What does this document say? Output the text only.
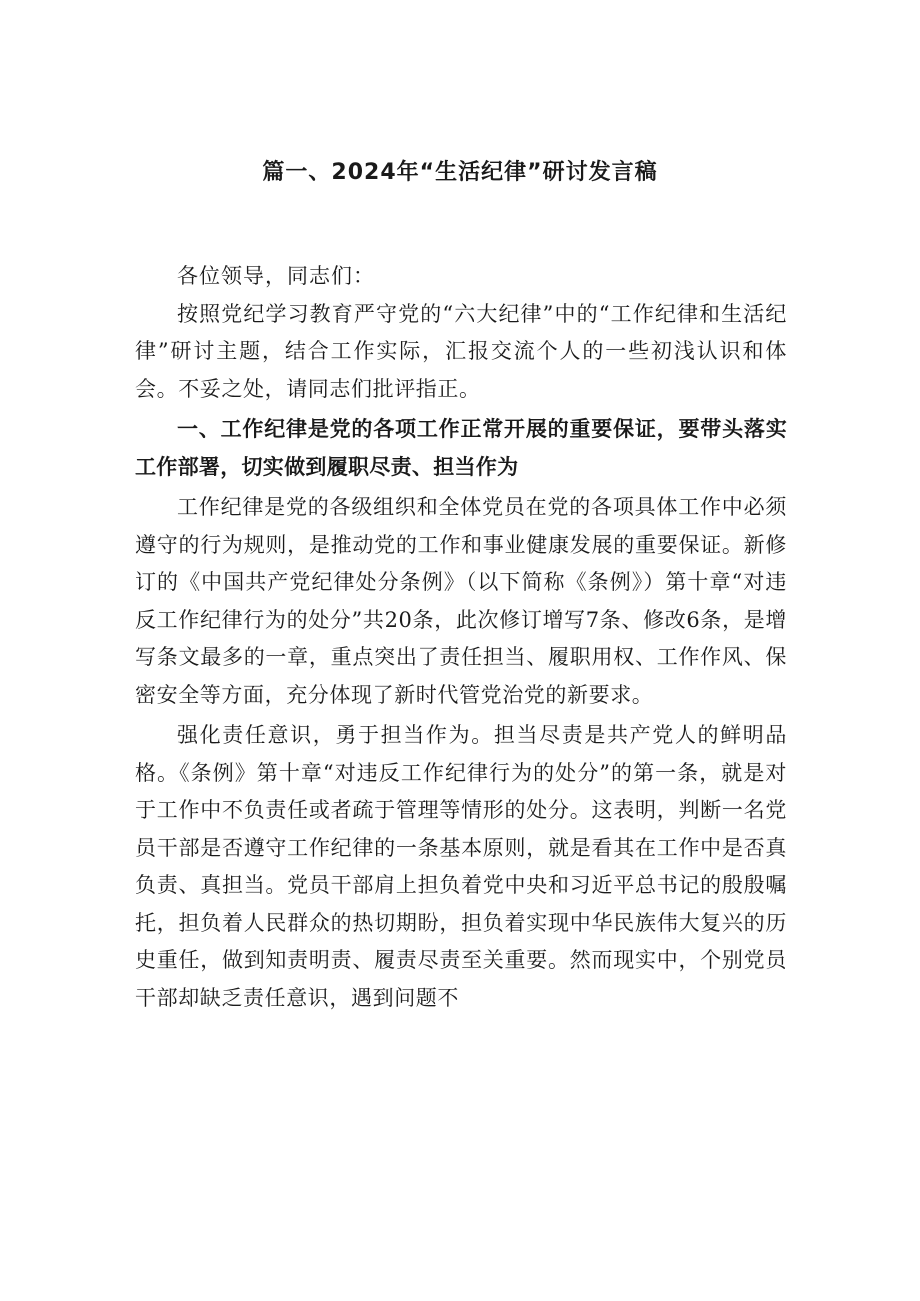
篇一、2024年“生活纪律”研讨发言稿

各位领导，同志们：

按照党纪学习教育严守党的“六大纪律”中的“工作纪律和生活纪律”研讨主题，结合工作实际，汇报交流个人的一些初浅认识和体会。不妥之处，请同志们批评指正。

一、工作纪律是党的各项工作正常开展的重要保证，要带头落实工作部署，切实做到履职尽责、担当作为

工作纪律是党的各级组织和全体党员在党的各项具体工作中必须遵守的行为规则，是推动党的工作和事业健康发展的重要保证。新修订的《中国共产党纪律处分条例》（以下简称《条例》）第十章“对违反工作纪律行为的处分”共20条，此次修订增写7条、修改6条，是增写条文最多的一章，重点突出了责任担当、履职用权、工作作风、保密安全等方面，充分体现了新时代管党治党的新要求。

强化责任意识，勇于担当作为。担当尽责是共产党人的鲜明品格。《条例》第十章“对违反工作纪律行为的处分”的第一条，就是对于工作中不负责任或者疏于管理等情形的处分。这表明，判断一名党员干部是否遵守工作纪律的一条基本原则，就是看其在工作中是否真负责、真担当。党员干部肩上担负着党中央和习近平总书记的殷殷嘱托，担负着人民群众的热切期盼，担负着实现中华民族伟大复兴的历史重任，做到知责明责、履责尽责至关重要。然而现实中，个别党员干部却缺乏责任意识，遇到问题不
